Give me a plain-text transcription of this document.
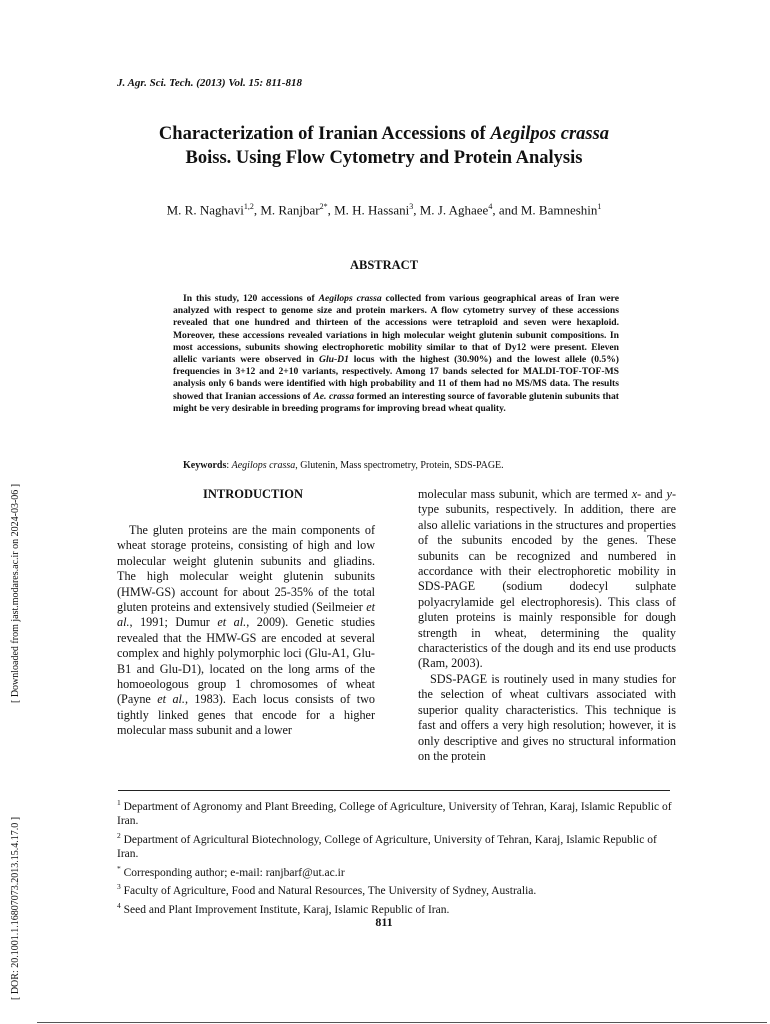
J. Agr. Sci. Tech. (2013) Vol. 15: 811-818
Characterization of Iranian Accessions of Aegilpos crassa
Boiss. Using Flow Cytometry and Protein Analysis
M. R. Naghavi$^{1,2}$, M. Ranjbar$^{2*}$, M. H. Hassani$^3$, M. J. Aghaee$^4$, and M. Bamneshin$^1$
ABSTRACT
In this study, 120 accessions of Aegilops crassa collected from various geographical areas of Iran were analyzed with respect to genome size and protein markers. A flow cytometry survey of these accessions revealed that one hundred and thirteen of the accessions were tetraploid and seven were hexaploid. Moreover, these accessions revealed variations in high molecular weight glutenin subunit compositions. In most accessions, subunits showing electrophoretic mobility similar to that of Dy12 were present. Eleven allelic variants were observed in Glu-D1 locus with the highest (30.90%) and the lowest allele (0.5%) frequencies in 3+12 and 2+10 variants, respectively. Among 17 bands selected for MALDI-TOF-TOF-MS analysis only 6 bands were identified with high probability and 11 of them had no MS/MS data. The results showed that Iranian accessions of Ae. crassa formed an interesting source of favorable glutenin subunits that might be very desirable in breeding programs for improving bread wheat quality.
Keywords: Aegilops crassa, Glutenin, Mass spectrometry, Protein, SDS-PAGE.
[ Downloaded from jast.modares.ac.ir on 2024-03-06 ]
[ DOR: 20.1001.1.16807073.2013.15.4.17.0 ]
INTRODUCTION

The gluten proteins are the main components of wheat storage proteins, consisting of high and low molecular weight glutenin subunits and gliadins. The high molecular weight glutenin subunits (HMW-GS) account for about 25-35% of the total gluten proteins and extensively studied (Seilmeier et al., 1991; Dumur et al., 2009). Genetic studies revealed that the HMW-GS are encoded at several complex and highly polymorphic loci (Glu-A1, Glu-B1 and Glu-D1), located on the long arms of the homoeologous group 1 chromosomes of wheat (Payne et al., 1983). Each locus consists of two tightly linked genes that encode for a higher molecular mass subunit and a lower

molecular mass subunit, which are termed x- and y-type subunits, respectively. In addition, there are also allelic variations in the structures and properties of the subunits encoded by the genes. These subunits can be recognized and numbered in accordance with their electrophoretic mobility in SDS-PAGE (sodium dodecyl sulphate polyacrylamide gel electrophoresis). This class of gluten proteins is mainly responsible for dough strength in wheat, determining the quality characteristics of the dough and its end use products (Ram, 2003).

SDS-PAGE is routinely used in many studies for the selection of wheat cultivars associated with superior quality characteristics. This technique is fast and offers a very high resolution; however, it is only descriptive and gives no structural information on the protein

$^1$ Department of Agronomy and Plant Breeding, College of Agriculture, University of Tehran, Karaj, Islamic Republic of Iran.
$^2$ Department of Agricultural Biotechnology, College of Agriculture, University of Tehran, Karaj, Islamic Republic of Iran.
* Corresponding author; e-mail: ranjbarf@ut.ac.ir
$^3$ Faculty of Agriculture, Food and Natural Resources, The University of Sydney, Australia.
$^4$ Seed and Plant Improvement Institute, Karaj, Islamic Republic of Iran.
811
